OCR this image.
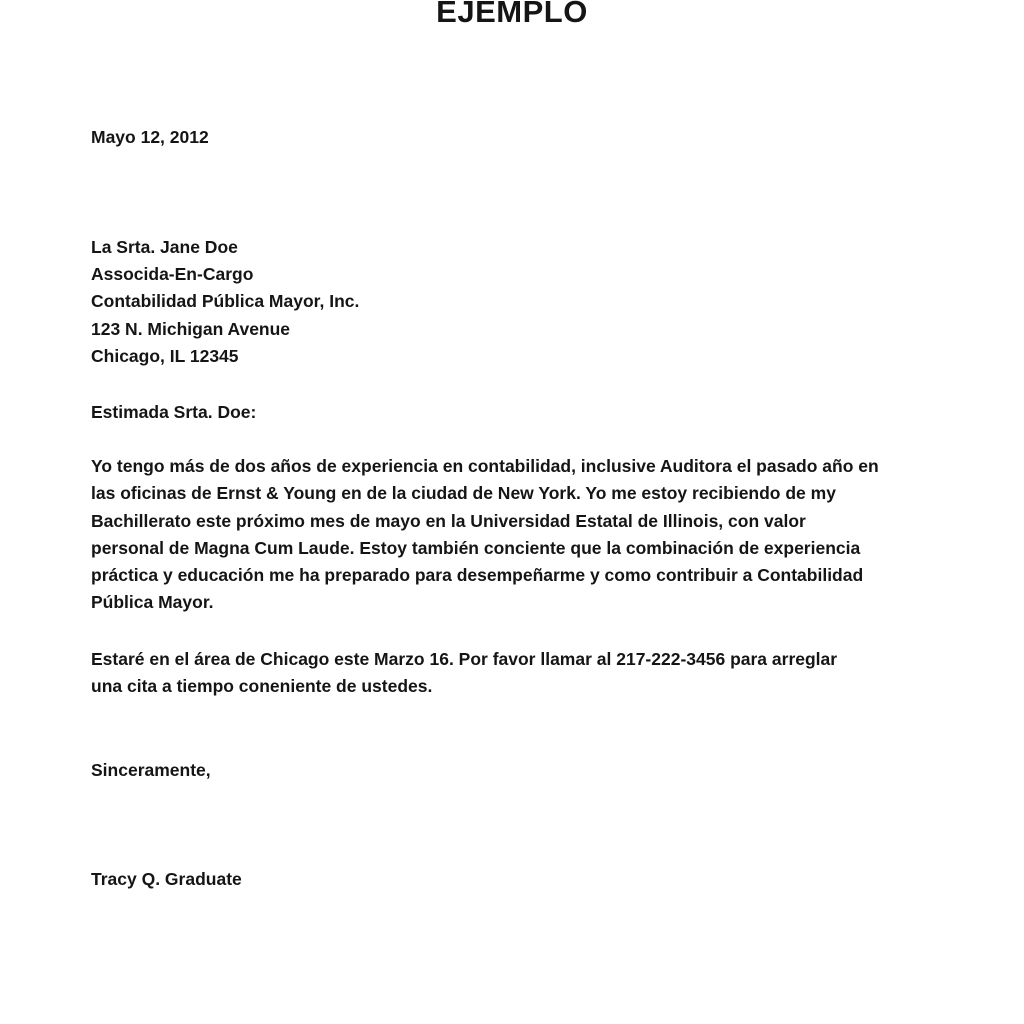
EJEMPLO
Mayo 12, 2012
La Srta. Jane Doe
Associda-En-Cargo
Contabilidad Pública Mayor, Inc.
123 N. Michigan Avenue
Chicago, IL 12345
Estimada Srta. Doe:
Yo tengo más de dos años de experiencia en contabilidad, inclusive Auditora el pasado año en
las oficinas de Ernst & Young en de la ciudad de New York. Yo me estoy recibiendo de my
Bachillerato este próximo mes de mayo en la Universidad Estatal de Illinois, con valor
personal de Magna Cum Laude. Estoy también conciente que la combinación de experiencia
práctica y educación me ha preparado para desempeñarme y como contribuir a Contabilidad
Pública Mayor.
Estaré en el área de Chicago este Marzo 16. Por favor llamar al 217-222-3456 para arreglar
una cita a tiempo coneniente de ustedes.
Sinceramente,
Tracy Q. Graduate
